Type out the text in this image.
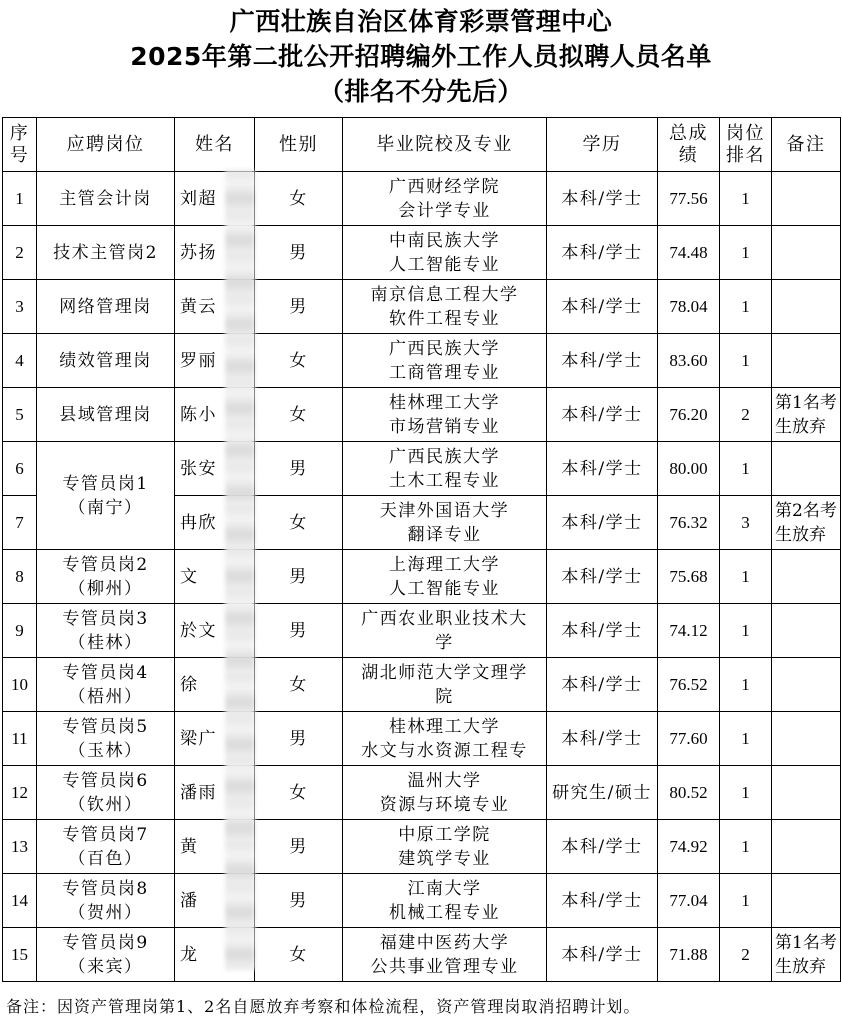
广西壮族自治区体育彩票管理中心
2025年第二批公开招聘编外工作人员拟聘人员名单
（排名不分先后）
序
号	应聘岗位	姓名	性别	毕业院校及专业	学历	总成
绩	岗位
排名	备注
1	主管会计岗	刘超	女	广西财经学院
会计学专业	本科/学士	77.56	1	
2	技术主管岗2	苏扬	男	中南民族大学
人工智能专业	本科/学士	74.48	1	
3	网络管理岗	黄云	男	南京信息工程大学
软件工程专业	本科/学士	78.04	1	
4	绩效管理岗	罗丽	女	广西民族大学
工商管理专业	本科/学士	83.60	1	
5	县域管理岗	陈小	女	桂林理工大学
市场营销专业	本科/学士	76.20	2	第1名考生放弃
6	专管员岗1
（南宁）	张安	男	广西民族大学
土木工程专业	本科/学士	80.00	1	
7		冉欣	女	天津外国语大学
翻译专业	本科/学士	76.32	3	第2名考生放弃
8	专管员岗2
（柳州）	文	男	上海理工大学
人工智能专业	本科/学士	75.68	1	
9	专管员岗3
（桂林）	於文	男	广西农业职业技术大
学	本科/学士	74.12	1	
10	专管员岗4
（梧州）	徐	女	湖北师范大学文理学
院	本科/学士	76.52	1	
11	专管员岗5
（玉林）	梁广	男	桂林理工大学
水文与水资源工程专	本科/学士	77.60	1	
12	专管员岗6
（钦州）	潘雨	女	温州大学
资源与环境专业	研究生/硕士	80.52	1	
13	专管员岗7
（百色）	黄	男	中原工学院
建筑学专业	本科/学士	74.92	1	
14	专管员岗8
（贺州）	潘	男	江南大学
机械工程专业	本科/学士	77.04	1	
15	专管员岗9
（来宾）	龙	女	福建中医药大学
公共事业管理专业	本科/学士	71.88	2	第1名考生放弃
备注：因资产管理岗第1、2名自愿放弃考察和体检流程，资产管理岗取消招聘计划。
